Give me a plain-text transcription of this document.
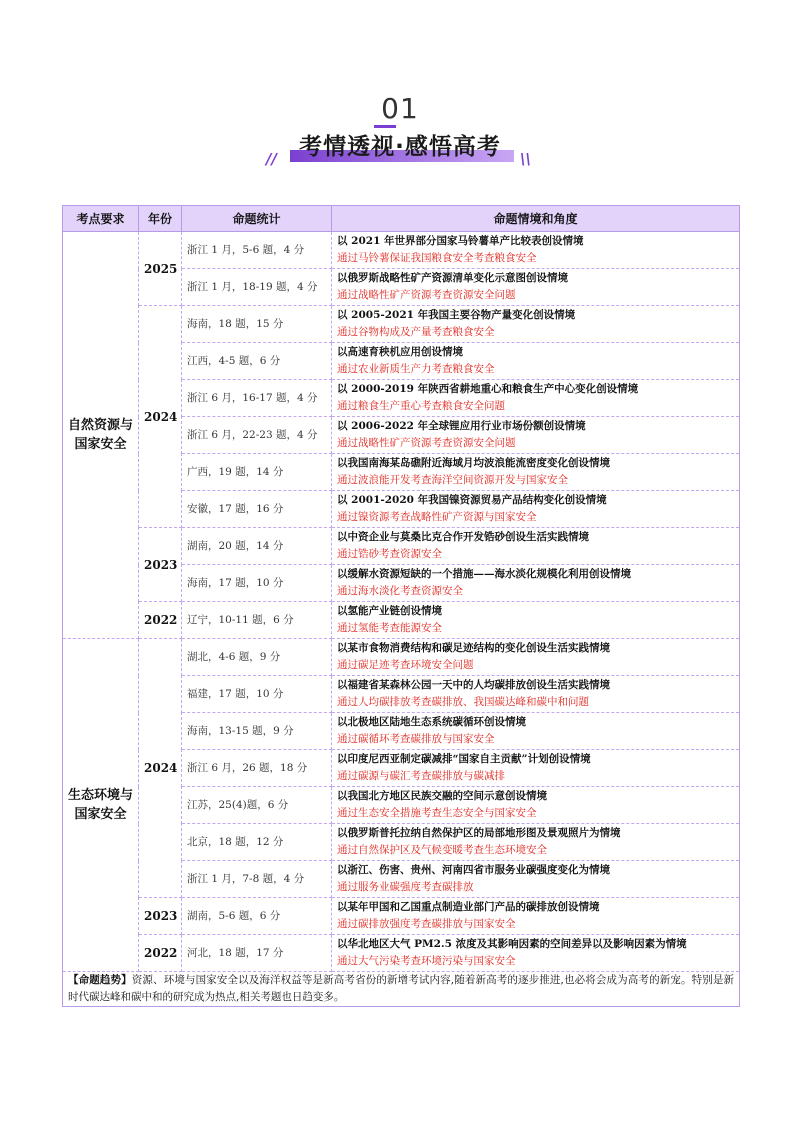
01
// 考情透视·感悟高考	\\
考点要求	年份	命题统计	命题情境和角度
自然资源与国家安全	2025	浙江 1 月，5-6 题，4 分	以 2021 年世界部分国家马铃薯单产比较表创设情境
通过马铃薯保证我国粮食安全考查粮食安全

		浙江 1 月，18-19 题，4 分	以俄罗斯战略性矿产资源清单变化示意图创设情境
通过战略性矿产资源考查资源安全问题

	2024	海南，18 题，15 分	以 2005-2021 年我国主要谷物产量变化创设情境
通过谷物构成及产量考查粮食安全

		江西，4-5 题，6 分	以高速育秧机应用创设情境
通过农业新质生产力考查粮食安全

		浙江 6 月，16-17 题，4 分	以 2000-2019 年陕西省耕地重心和粮食生产中心变化创设情境
通过粮食生产重心考查粮食安全问题

		浙江 6 月，22-23 题，4 分	以 2006-2022 年全球锂应用行业市场份额创设情境
通过战略性矿产资源考查资源安全问题

		广西，19 题，14 分	以我国南海某岛礁附近海域月均波浪能流密度变化创设情境
通过波浪能开发考查海洋空间资源开发与国家安全

		安徽，17 题，16 分	以 2001-2020 年我国镍资源贸易产品结构变化创设情境
通过镍资源考查战略性矿产资源与国家安全

	2023	湖南，20 题，14 分	以中资企业与莫桑比克合作开发锆砂创设生活实践情境
通过锆砂考查资源安全

		海南，17 题，10 分	以缓解水资源短缺的一个措施——海水淡化规模化利用创设情境
通过海水淡化考查资源安全

	2022	辽宁，10-11 题，6 分	以氢能产业链创设情境
通过氢能考查能源安全

生态环境与国家安全	2024	湖北，4-6 题，9 分	以某市食物消费结构和碳足迹结构的变化创设生活实践情境
通过碳足迹考查环境安全问题

		福建，17 题，10 分	以福建省某森林公园一天中的人均碳排放创设生活实践情境
通过人均碳排放考查碳排放、我国碳达峰和碳中和问题

		海南，13-15 题，9 分	以北极地区陆地生态系统碳循环创设情境
通过碳循环考查碳排放与国家安全

		浙江 6 月，26 题，18 分	以印度尼西亚制定碳减排“国家自主贡献”计划创设情境
通过碳源与碳汇考查碳排放与碳减排

		江苏，25(4)题，6 分	以我国北方地区民族交融的空间示意创设情境
通过生态安全措施考查生态安全与国家安全

		北京，18 题，12 分	以俄罗斯普托拉纳自然保护区的局部地形图及景观照片为情境
通过自然保护区及气候变暖考查生态环境安全

		浙江 1 月，7-8 题，4 分	以浙江、伤害、贵州、河南四省市服务业碳强度变化为情境
通过服务业碳强度考查碳排放

	2023	湖南，5-6 题，6 分	以某年甲国和乙国重点制造业部门产品的碳排放创设情境
通过碳排放强度考查碳排放与国家安全

	2022	河北，18 题，17 分	以华北地区大气 PM2.5 浓度及其影响因素的空间差异以及影响因素为情境
通过大气污染考查环境污染与国家安全

【命题趋势】资源、环境与国家安全以及海洋权益等是新高考省份的新增考试内容,随着新高考的逐步推进,也必将会成为高考的新宠。特别是新时代碳达峰和碳中和的研究成为热点,相关考题也日趋变多。			
